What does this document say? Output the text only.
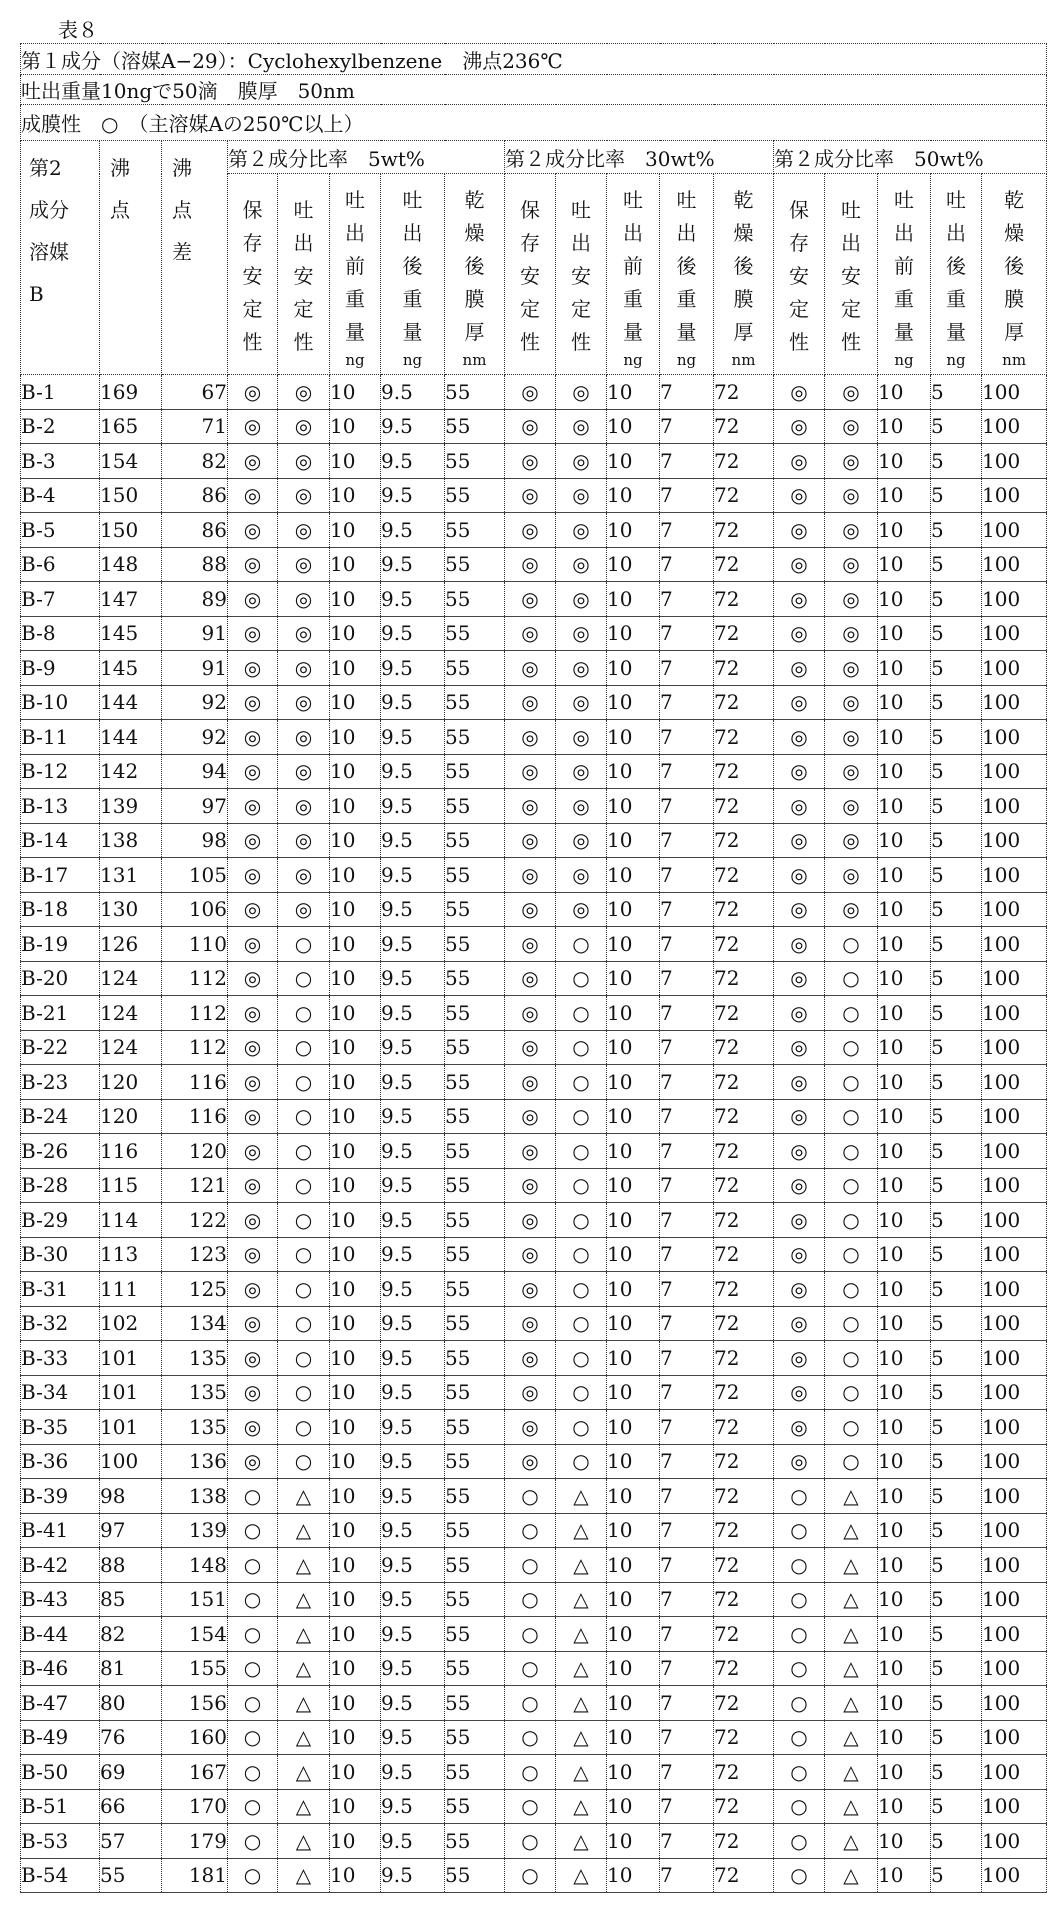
表８
第１成分（溶媒A−29）：Cyclohexylbenzene　沸点236℃
吐出重量10ngで50滴　膜厚　50nm
成膜性　○　（主溶媒Aの250℃以上）
第2成分溶媒B	沸点	沸点差	第２成分比率　5wt%	第２成分比率　30wt%	第２成分比率　50wt%
保存安定性	吐出安定性	吐出前重量
ng
	吐出後重量
ng
	乾燥後膜厚
nm
	保存安定性	吐出安定性	吐出前重量
ng
	吐出後重量
ng
	乾燥後膜厚
nm
	保存安定性	吐出安定性	吐出前重量
ng
	吐出後重量
ng
	乾燥後膜厚
nm

B-1	169	67	◎	◎	10	9.5	55	◎	◎	10	7	72	◎	◎	10	5	100
B-2	165	71	◎	◎	10	9.5	55	◎	◎	10	7	72	◎	◎	10	5	100
B-3	154	82	◎	◎	10	9.5	55	◎	◎	10	7	72	◎	◎	10	5	100
B-4	150	86	◎	◎	10	9.5	55	◎	◎	10	7	72	◎	◎	10	5	100
B-5	150	86	◎	◎	10	9.5	55	◎	◎	10	7	72	◎	◎	10	5	100
B-6	148	88	◎	◎	10	9.5	55	◎	◎	10	7	72	◎	◎	10	5	100
B-7	147	89	◎	◎	10	9.5	55	◎	◎	10	7	72	◎	◎	10	5	100
B-8	145	91	◎	◎	10	9.5	55	◎	◎	10	7	72	◎	◎	10	5	100
B-9	145	91	◎	◎	10	9.5	55	◎	◎	10	7	72	◎	◎	10	5	100
B-10	144	92	◎	◎	10	9.5	55	◎	◎	10	7	72	◎	◎	10	5	100
B-11	144	92	◎	◎	10	9.5	55	◎	◎	10	7	72	◎	◎	10	5	100
B-12	142	94	◎	◎	10	9.5	55	◎	◎	10	7	72	◎	◎	10	5	100
B-13	139	97	◎	◎	10	9.5	55	◎	◎	10	7	72	◎	◎	10	5	100
B-14	138	98	◎	◎	10	9.5	55	◎	◎	10	7	72	◎	◎	10	5	100
B-17	131	105	◎	◎	10	9.5	55	◎	◎	10	7	72	◎	◎	10	5	100
B-18	130	106	◎	◎	10	9.5	55	◎	◎	10	7	72	◎	◎	10	5	100
B-19	126	110	◎	○	10	9.5	55	◎	○	10	7	72	◎	○	10	5	100
B-20	124	112	◎	○	10	9.5	55	◎	○	10	7	72	◎	○	10	5	100
B-21	124	112	◎	○	10	9.5	55	◎	○	10	7	72	◎	○	10	5	100
B-22	124	112	◎	○	10	9.5	55	◎	○	10	7	72	◎	○	10	5	100
B-23	120	116	◎	○	10	9.5	55	◎	○	10	7	72	◎	○	10	5	100
B-24	120	116	◎	○	10	9.5	55	◎	○	10	7	72	◎	○	10	5	100
B-26	116	120	◎	○	10	9.5	55	◎	○	10	7	72	◎	○	10	5	100
B-28	115	121	◎	○	10	9.5	55	◎	○	10	7	72	◎	○	10	5	100
B-29	114	122	◎	○	10	9.5	55	◎	○	10	7	72	◎	○	10	5	100
B-30	113	123	◎	○	10	9.5	55	◎	○	10	7	72	◎	○	10	5	100
B-31	111	125	◎	○	10	9.5	55	◎	○	10	7	72	◎	○	10	5	100
B-32	102	134	◎	○	10	9.5	55	◎	○	10	7	72	◎	○	10	5	100
B-33	101	135	◎	○	10	9.5	55	◎	○	10	7	72	◎	○	10	5	100
B-34	101	135	◎	○	10	9.5	55	◎	○	10	7	72	◎	○	10	5	100
B-35	101	135	◎	○	10	9.5	55	◎	○	10	7	72	◎	○	10	5	100
B-36	100	136	◎	○	10	9.5	55	◎	○	10	7	72	◎	○	10	5	100
B-39	98	138	○	△	10	9.5	55	○	△	10	7	72	○	△	10	5	100
B-41	97	139	○	△	10	9.5	55	○	△	10	7	72	○	△	10	5	100
B-42	88	148	○	△	10	9.5	55	○	△	10	7	72	○	△	10	5	100
B-43	85	151	○	△	10	9.5	55	○	△	10	7	72	○	△	10	5	100
B-44	82	154	○	△	10	9.5	55	○	△	10	7	72	○	△	10	5	100
B-46	81	155	○	△	10	9.5	55	○	△	10	7	72	○	△	10	5	100
B-47	80	156	○	△	10	9.5	55	○	△	10	7	72	○	△	10	5	100
B-49	76	160	○	△	10	9.5	55	○	△	10	7	72	○	△	10	5	100
B-50	69	167	○	△	10	9.5	55	○	△	10	7	72	○	△	10	5	100
B-51	66	170	○	△	10	9.5	55	○	△	10	7	72	○	△	10	5	100
B-53	57	179	○	△	10	9.5	55	○	△	10	7	72	○	△	10	5	100
B-54	55	181	○	△	10	9.5	55	○	△	10	7	72	○	△	10	5	100
